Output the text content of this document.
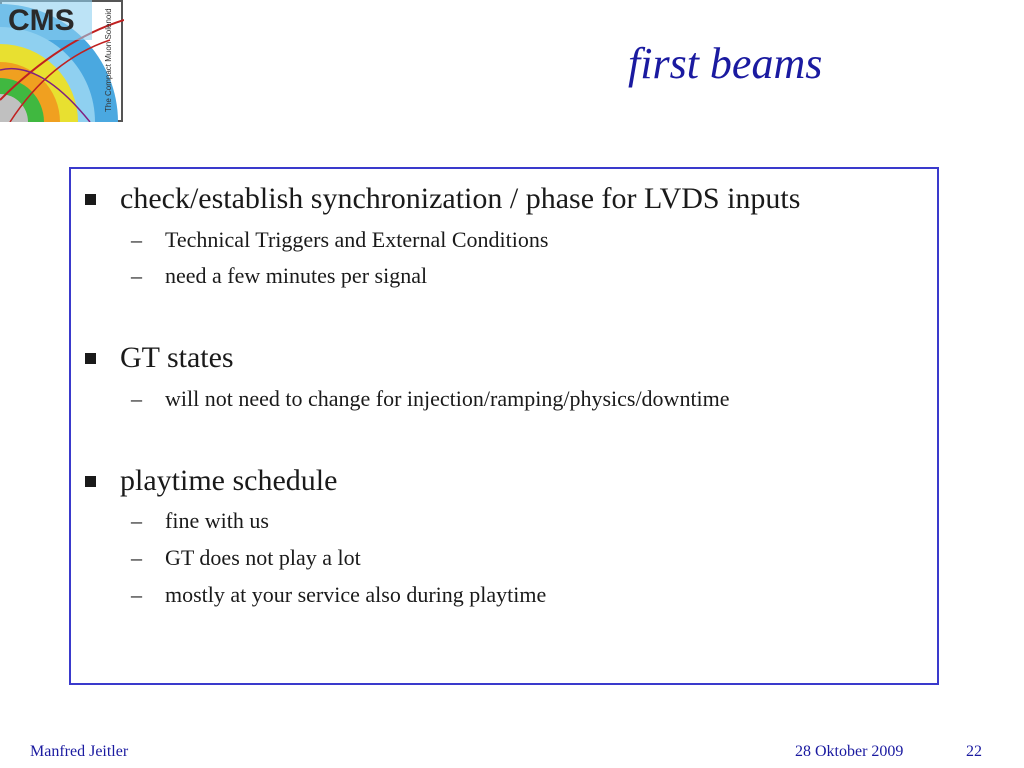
CMS	The Compact Muon Solenoid	first beams
check/establish synchronization / phase for LVDS inputs
–	Technical Triggers and External Conditions
–	need a few minutes per signal
GT states
–	will not need to change for injection/ramping/physics/downtime
playtime schedule
–	fine with us
–	GT does not play a lot
–	mostly at your service also during playtime
Manfred Jeitler	28 Oktober 2009	22
